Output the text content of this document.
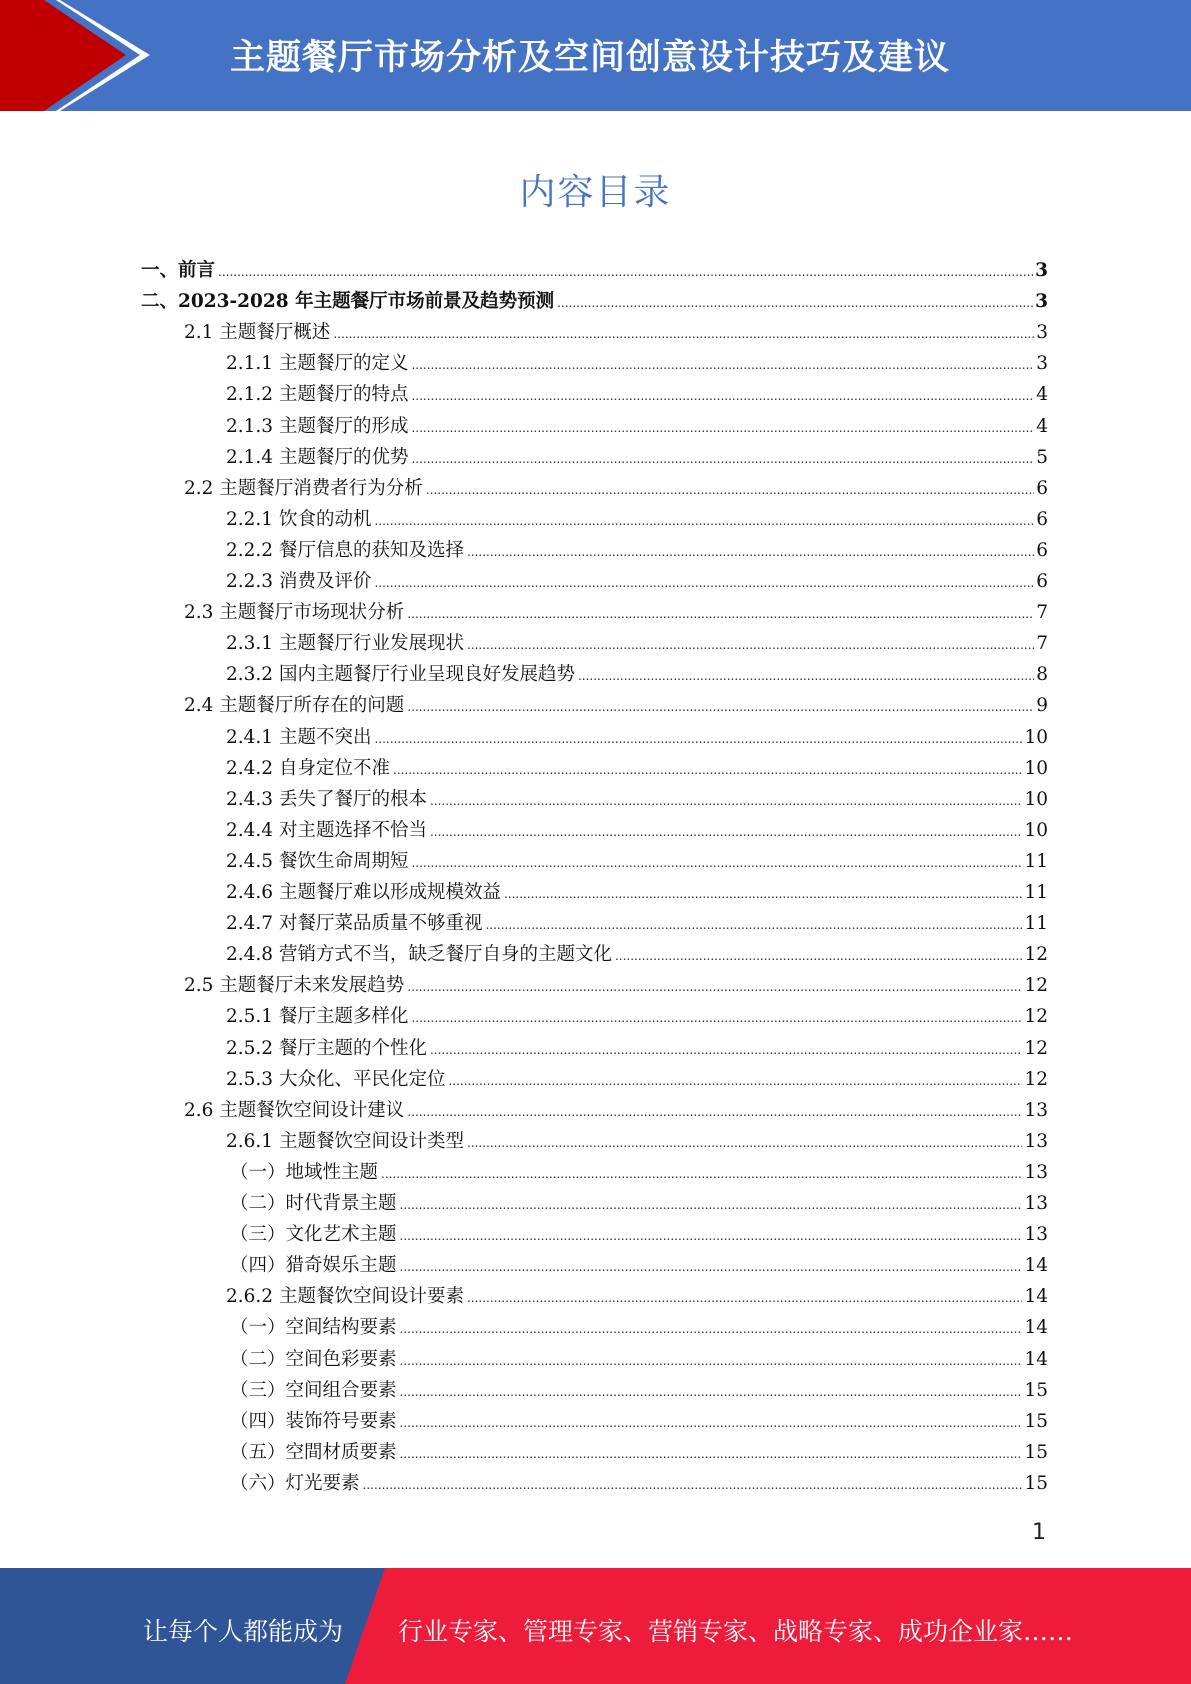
主题餐厅市场分析及空间创意设计技巧及建议
内容目录
一、前言 .....	3
二、2023-2028 年主题餐厅市场前景及趋势预测 .....	3
2.1 主题餐厅概述 .....	3
2.1.1 主题餐厅的定义 .....	3
2.1.2 主题餐厅的特点 .....	4
2.1.3 主题餐厅的形成 .....	4
2.1.4 主题餐厅的优势 .....	5
2.2 主题餐厅消费者行为分析 .....	6
2.2.1 饮食的动机 .....	6
2.2.2 餐厅信息的获知及选择 .....	6
2.2.3 消费及评价 .....	6
2.3 主题餐厅市场现状分析 .....	7
2.3.1 主题餐厅行业发展现状 .....	7
2.3.2 国内主题餐厅行业呈现良好发展趋势 .....	8
2.4 主题餐厅所存在的问题 .....	9
2.4.1 主题不突出 .....	10
2.4.2 自身定位不准 .....	10
2.4.3 丢失了餐厅的根本 .....	10
2.4.4 对主题选择不恰当 .....	10
2.4.5 餐饮生命周期短 .....	11
2.4.6 主题餐厅难以形成规模效益 .....	11
2.4.7 对餐厅菜品质量不够重视 .....	11
2.4.8 营销方式不当，缺乏餐厅自身的主题文化 .....	12
2.5 主题餐厅未来发展趋势 .....	12
2.5.1 餐厅主题多样化 .....	12
2.5.2 餐厅主题的个性化 .....	12
2.5.3 大众化、平民化定位 .....	12
2.6 主题餐饮空间设计建议 .....	13
2.6.1 主题餐饮空间设计类型 .....	13
（一）地域性主题 .....	13
（二）时代背景主题 .....	13
（三）文化艺术主题 .....	13
（四）猎奇娱乐主题 .....	14
2.6.2 主题餐饮空间设计要素 .....	14
（一）空间结构要素 .....	14
（二）空间色彩要素 .....	14
（三）空间组合要素 .....	15
（四）装饰符号要素 .....	15
（五）空間材质要素 .....	15
（六）灯光要素 .....	15
1
让每个人都能成为 行业专家、管理专家、营销专家、战略专家、成功企业家……
